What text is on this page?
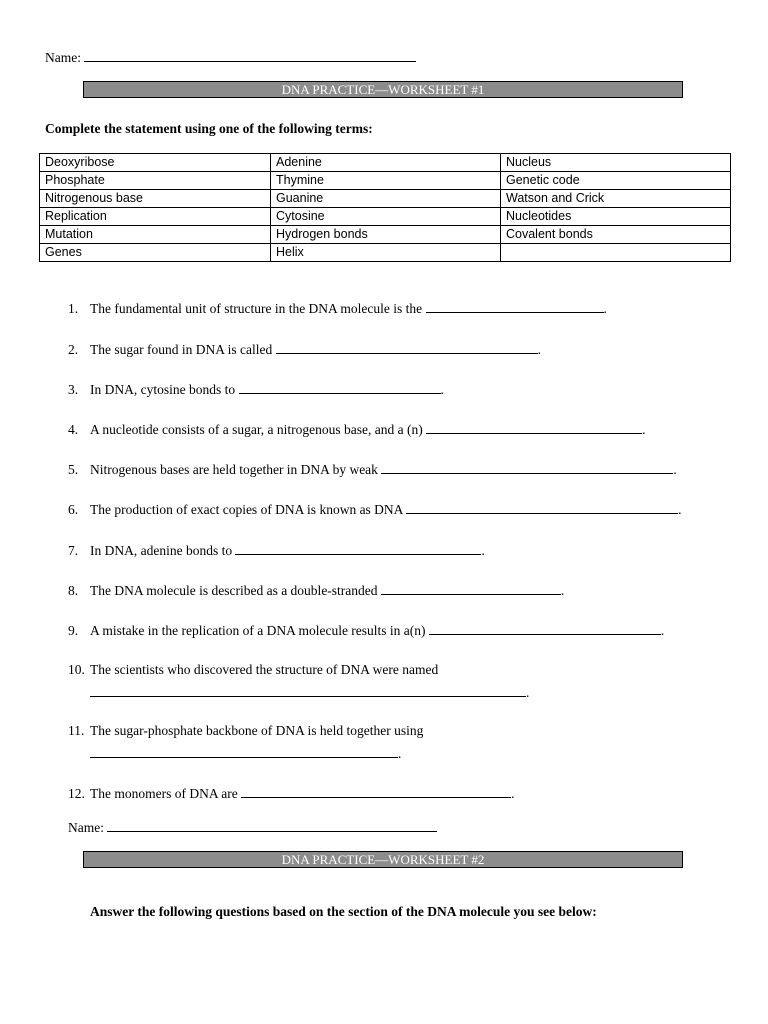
Name:
DNA PRACTICE—WORKSHEET #1
Complete the statement using one of the following terms:
Deoxyribose	Adenine	Nucleus
Phosphate	Thymine	Genetic code
Nitrogenous base	Guanine	Watson and Crick
Replication	Cytosine	Nucleotides
Mutation	Hydrogen bonds	Covalent bonds
Genes	Helix	
1. The fundamental unit of structure in the DNA molecule is the	.
2. The sugar found in DNA is called	.
3. In DNA, cytosine bonds to	.
4. A nucleotide consists of a sugar, a nitrogenous base, and a (n)	.
5. Nitrogenous bases are held together in DNA by weak	.
6. The production of exact copies of DNA is known as DNA	.
7. In DNA, adenine bonds to	.
8. The DNA molecule is described as a double-stranded	.
9. A mistake in the replication of a DNA molecule results in a(n)	.
10. The scientists who discovered the structure of DNA were named
.
11. The sugar-phosphate backbone of DNA is held together using
.
12. The monomers of DNA are	.
Name:
DNA PRACTICE—WORKSHEET #2
Answer the following questions based on the section of the DNA molecule you see below:
